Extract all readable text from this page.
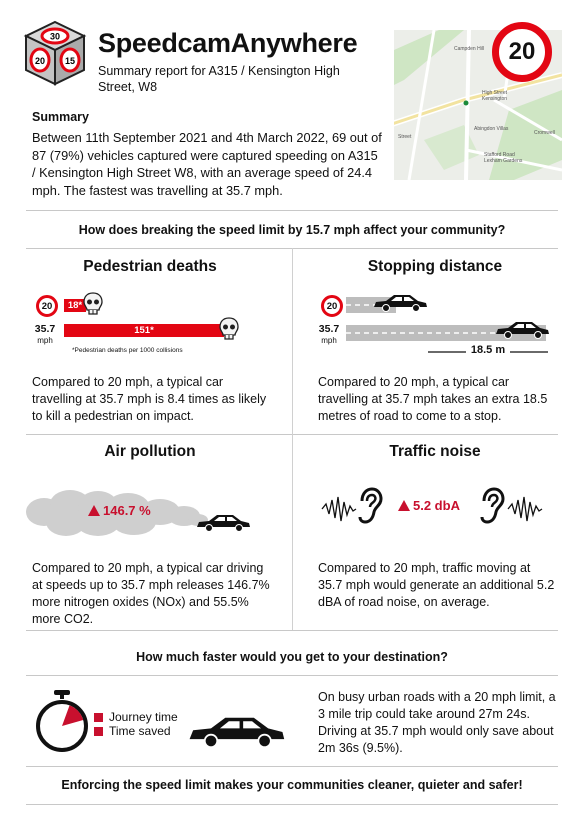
30
20 15
SpeedcamAnywhere
Summary report for A315 / Kensington High Street, W8	High Street
Kensington
Campden Hill
Abingdon Villas
Stafford Road
Lexham Gardens
Street
Cromwell
20
Summary
Between 11th September 2021 and 4th March 2022, 69 out of 87 (79%) vehicles captured were captured speeding on A315 / Kensington High Street W8, with an average speed of 24.4 mph. The fastest was travelling at 35.7 mph.
How does breaking the speed limit by 15.7 mph affect your community?
Pedestrian deaths
20	18*
35.7
mph
151*
*Pedestrian deaths per 1000 collisions
Compared to 20 mph, a typical car travelling at 35.7 mph is 8.4 times as likely to kill a pedestrian on impact.
Stopping distance
20
35.7
mph
18.5 m
Compared to 20 mph, a typical car travelling at 35.7 mph takes an extra 18.5 metres of road to come to a stop.
Air pollution
146.7 %
Compared to 20 mph, a typical car driving at speeds up to 35.7 mph releases 146.7% more nitrogen oxides (NOx) and 55.5% more CO2.
Traffic noise
5.2 dbA
Compared to 20 mph, traffic moving at 35.7 mph would generate an additional 5.2 dBA of road noise, on average.
How much faster would you get to your destination?
Journey time
Time saved
On busy urban roads with a 20 mph limit, a 3 mile trip could take around 27m 24s. Driving at 35.7 mph would only save about 2m 36s (9.5%).
Enforcing the speed limit makes your communities cleaner, quieter and safer!
